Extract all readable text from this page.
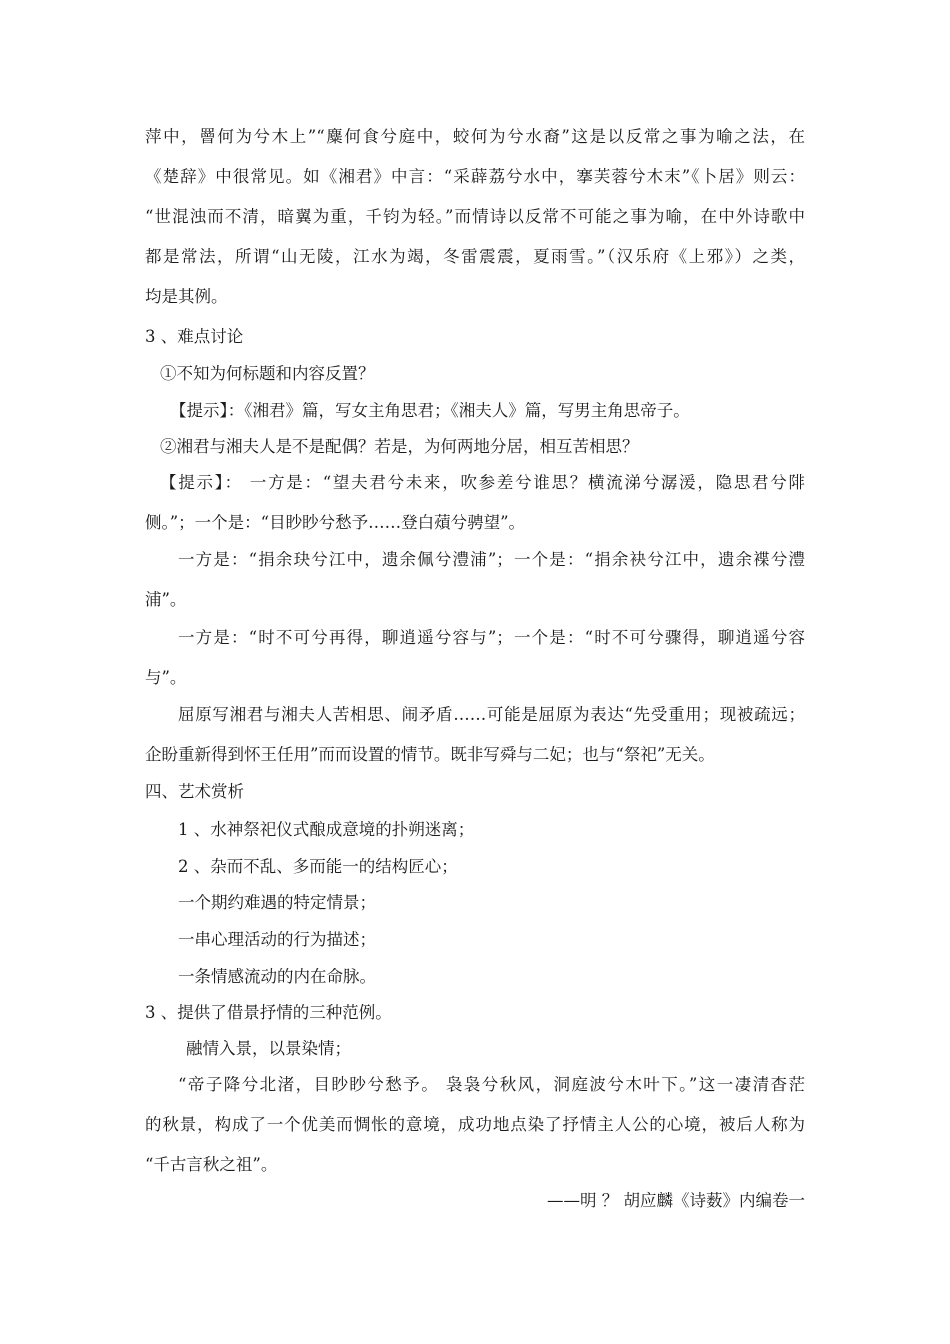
萍中，罾何为兮木上”“麋何食兮庭中，蛟何为兮水裔”这是以反常之事为喻之法，在
《楚辞》中很常见。如《湘君》中言：“采薜荔兮水中，搴芙蓉兮木末”《卜居》则云：
“世混浊而不清，暗翼为重，千钧为轻。”而情诗以反常不可能之事为喻，在中外诗歌中
都是常法，所谓“山无陵，江水为竭，冬雷震震，夏雨雪。”（汉乐府《上邪》）之类，
均是其例。
3 、难点讨论
①不知为何标题和内容反置？
【提示】：《湘君》篇，写女主角思君；《湘夫人》篇，写男主角思帝子。
②湘君与湘夫人是不是配偶？若是，为何两地分居，相互苦相思？
【提示】： 一方是：“望夫君兮未来，吹参差兮谁思？横流涕兮潺湲，隐思君兮陫
侧。”；一个是：“目眇眇兮愁予……登白薠兮骋望”。
一方是：“捐余玦兮江中，遗余佩兮澧浦”；一个是：“捐余袂兮江中，遗余褋兮澧
浦”。
一方是：“时不可兮再得，聊逍遥兮容与”；一个是：“时不可兮骤得，聊逍遥兮容
与”。
屈原写湘君与湘夫人苦相思、闹矛盾……可能是屈原为表达“先受重用；现被疏远；
企盼重新得到怀王任用”而而设置的情节。既非写舜与二妃；也与“祭祀”无关。
四、艺术赏析
1 、水神祭祀仪式酿成意境的扑朔迷离；
2 、杂而不乱、多而能一的结构匠心；
一个期约难遇的特定情景；
一串心理活动的行为描述；
一条情感流动的内在命脉。
3 、提供了借景抒情的三种范例。
融情入景，以景染情；
“帝子降兮北渚，目眇眇兮愁予。 袅袅兮秋风，洞庭波兮木叶下。”这一凄清杳茫
的秋景，构成了一个优美而惆怅的意境，成功地点染了抒情主人公的心境，被后人称为
“千古言秋之祖”。
——明 ？ 胡应麟《诗薮》内编卷一
